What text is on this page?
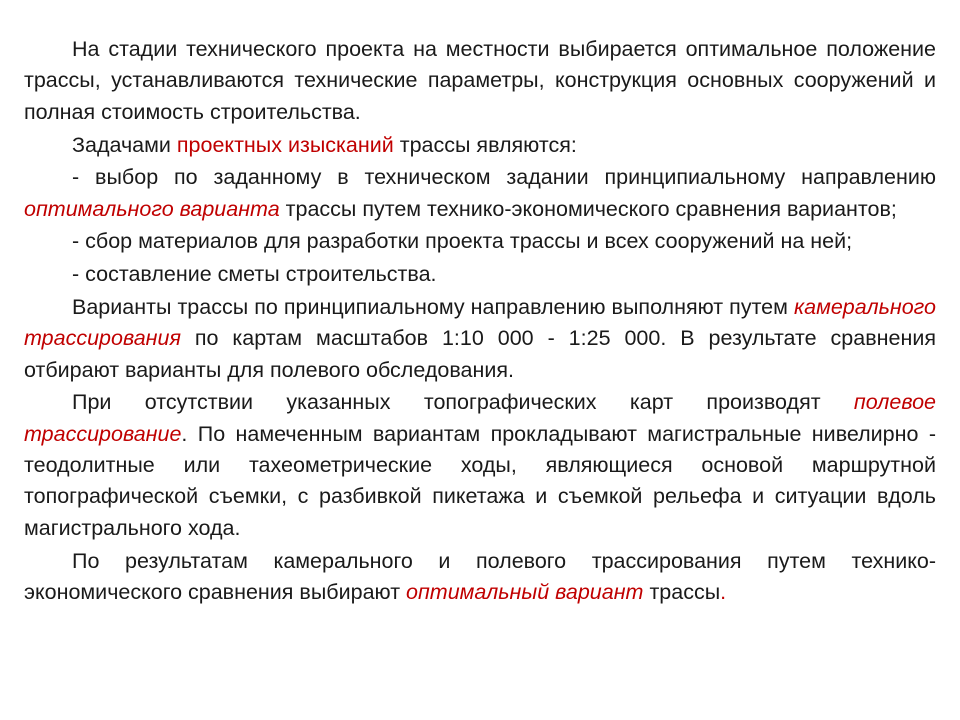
На стадии технического проекта на местности выбирается оптимальное положение трассы, устанавливаются технические параметры, конструкция основных сооружений и полная стоимость строительства.

Задачами проектных изысканий трассы являются:

- выбор по заданному в техническом задании принципиальному направлению оптимального варианта трассы путем технико-экономического сравнения вариантов;

- сбор материалов для разработки проекта трассы и всех сооружений на ней;

- составление сметы строительства.

Варианты трассы по принципиальному направлению выполняют путем камерального трассирования по картам масштабов 1:10 000 - 1:25 000. В результате сравнения отбирают варианты для полевого обследования.

При отсутствии указанных топографических карт производят полевое трассирование. По намеченным вариантам прокладывают магистральные нивелирно - теодолитные или тахеометрические ходы, являющиеся основой маршрутной топографической съемки, с разбивкой пикетажа и съемкой рельефа и ситуации вдоль магистрального хода.

По результатам камерального и полевого трассирования путем технико-экономического сравнения выбирают оптимальный вариант трассы.
